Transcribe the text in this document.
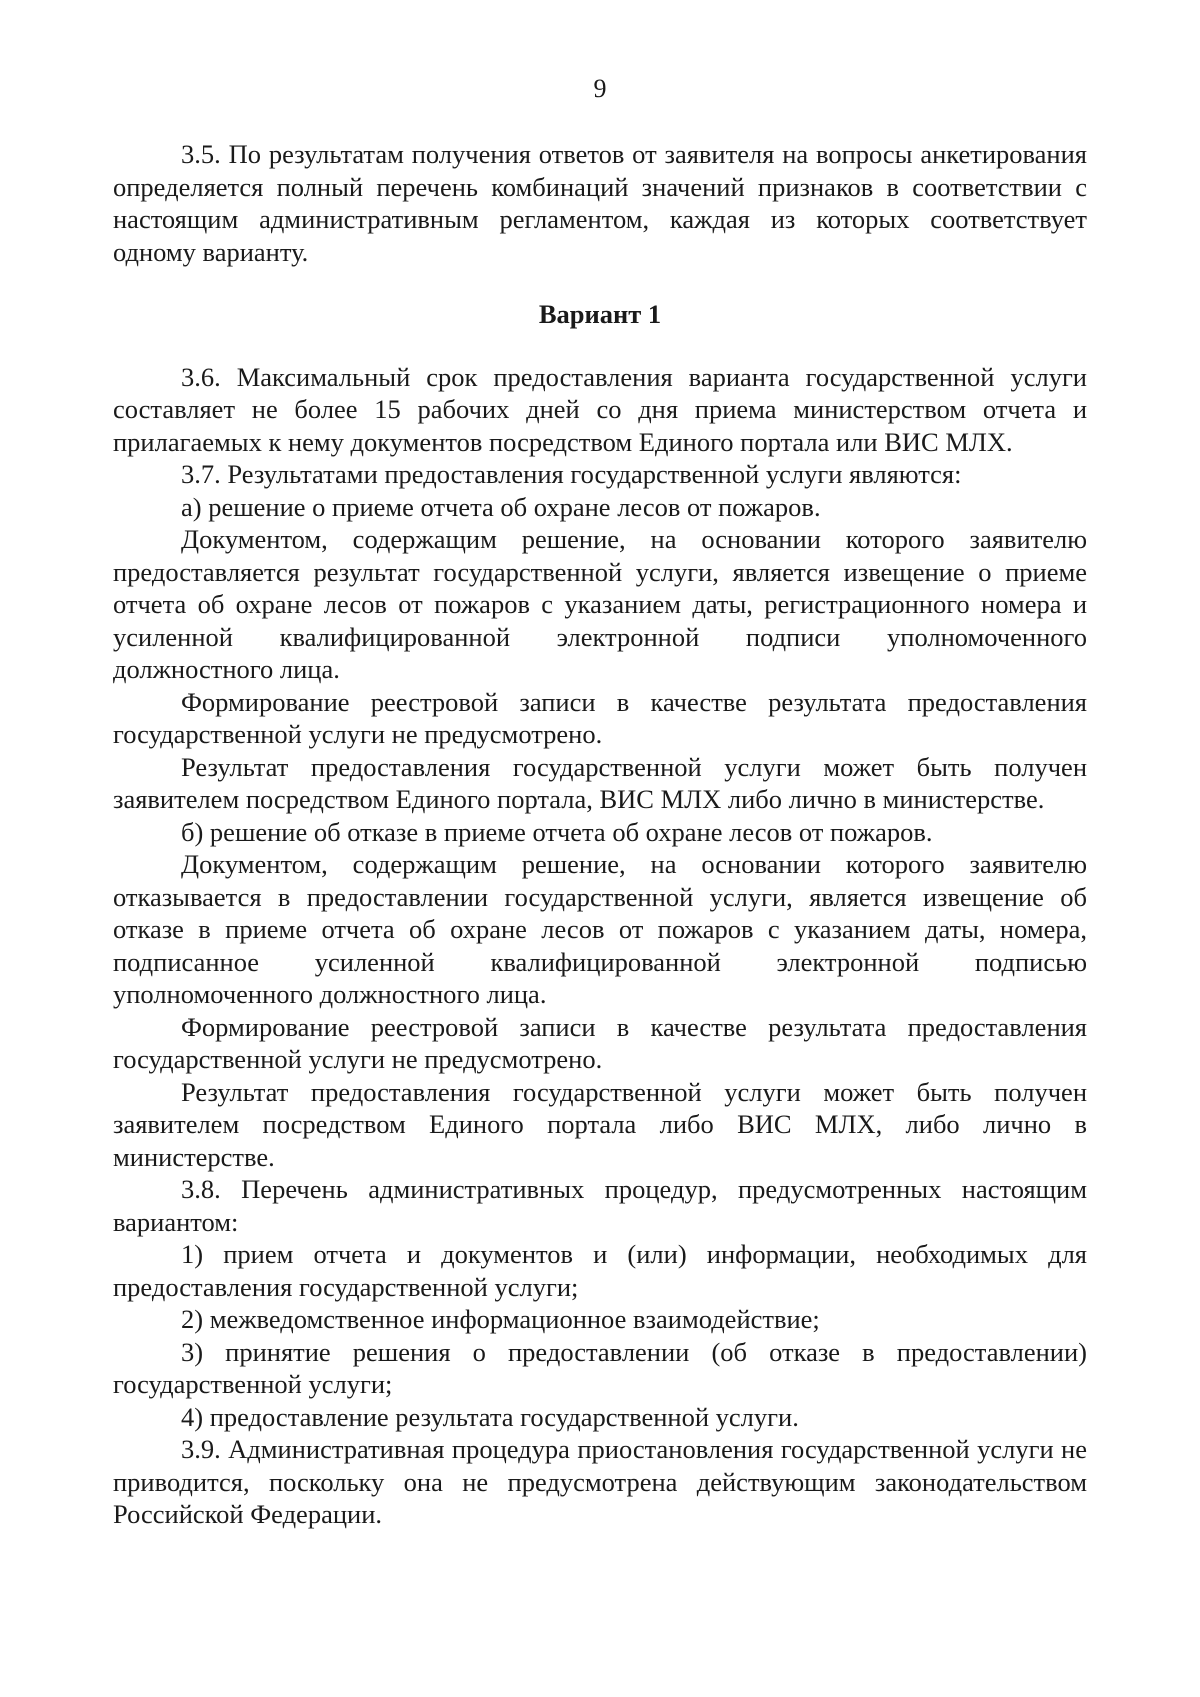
9

3.5. По результатам получения ответов от заявителя на вопросы анкетирования определяется полный перечень комбинаций значений признаков в соответствии с настоящим административным регламентом, каждая из которых соответствует одному варианту.

Вариант 1

3.6. Максимальный срок предоставления варианта государственной услуги составляет не более 15 рабочих дней со дня приема министерством отчета и прилагаемых к нему документов посредством Единого портала или ВИС МЛХ.

3.7. Результатами предоставления государственной услуги являются:

а) решение о приеме отчета об охране лесов от пожаров.

Документом, содержащим решение, на основании которого заявителю предоставляется результат государственной услуги, является извещение о приеме отчета об охране лесов от пожаров с указанием даты, регистрационного номера и усиленной квалифицированной электронной подписи уполномоченного должностного лица.

Формирование реестровой записи в качестве результата предоставления государственной услуги не предусмотрено.

Результат предоставления государственной услуги может быть получен заявителем посредством Единого портала, ВИС МЛХ либо лично в министерстве.

б) решение об отказе в приеме отчета об охране лесов от пожаров.

Документом, содержащим решение, на основании которого заявителю отказывается в предоставлении государственной услуги, является извещение об отказе в приеме отчета об охране лесов от пожаров с указанием даты, номера, подписанное усиленной квалифицированной электронной подписью уполномоченного должностного лица.

Формирование реестровой записи в качестве результата предоставления государственной услуги не предусмотрено.

Результат предоставления государственной услуги может быть получен заявителем посредством Единого портала либо ВИС МЛХ, либо лично в министерстве.

3.8. Перечень административных процедур, предусмотренных настоящим вариантом:

1) прием отчета и документов и (или) информации, необходимых для предоставления государственной услуги;

2) межведомственное информационное взаимодействие;

3) принятие решения о предоставлении (об отказе в предоставлении) государственной услуги;

4) предоставление результата государственной услуги.

3.9. Административная процедура приостановления государственной услуги не приводится, поскольку она не предусмотрена действующим законодательством Российской Федерации.
